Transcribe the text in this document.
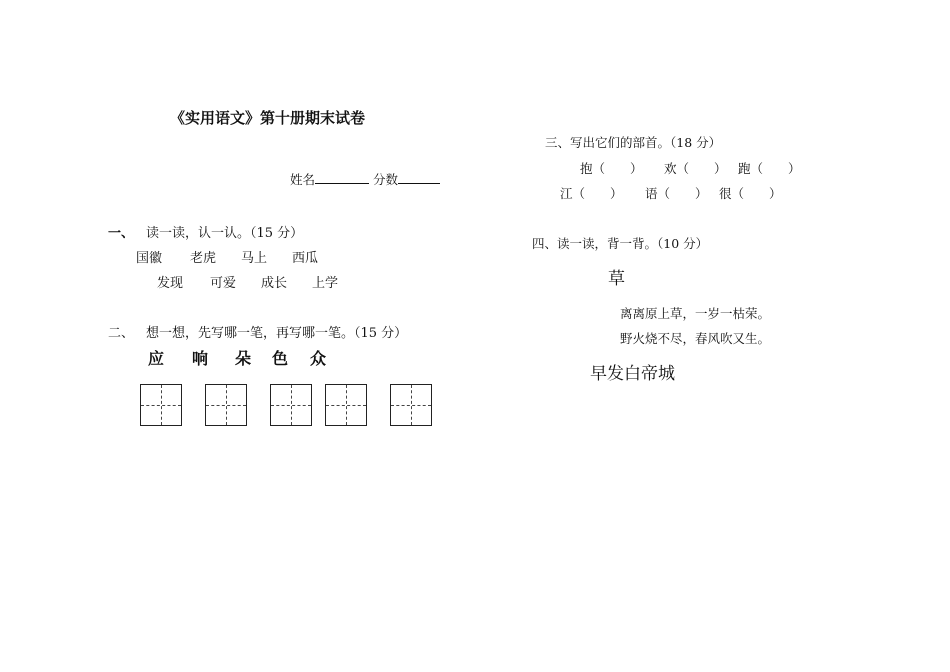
《实用语文》第十册期末试卷
姓名	分数
一、 读一读，认一认。（15 分）
国徽 老虎 马上 西瓜
发现 可爱 成长 上学
二、 想一想，先写哪一笔，再写哪一笔。（15 分）
应 响 朵 色 众
三、写出它们的部首。（18 分）
抱（　　） 欢（　　） 跑（　　）
江（　　） 语（　　） 很（　　）
四、读一读，背一背。（10 分）
草
离离原上草，一岁一枯荣。
野火烧不尽，春风吹又生。
早发白帝城
